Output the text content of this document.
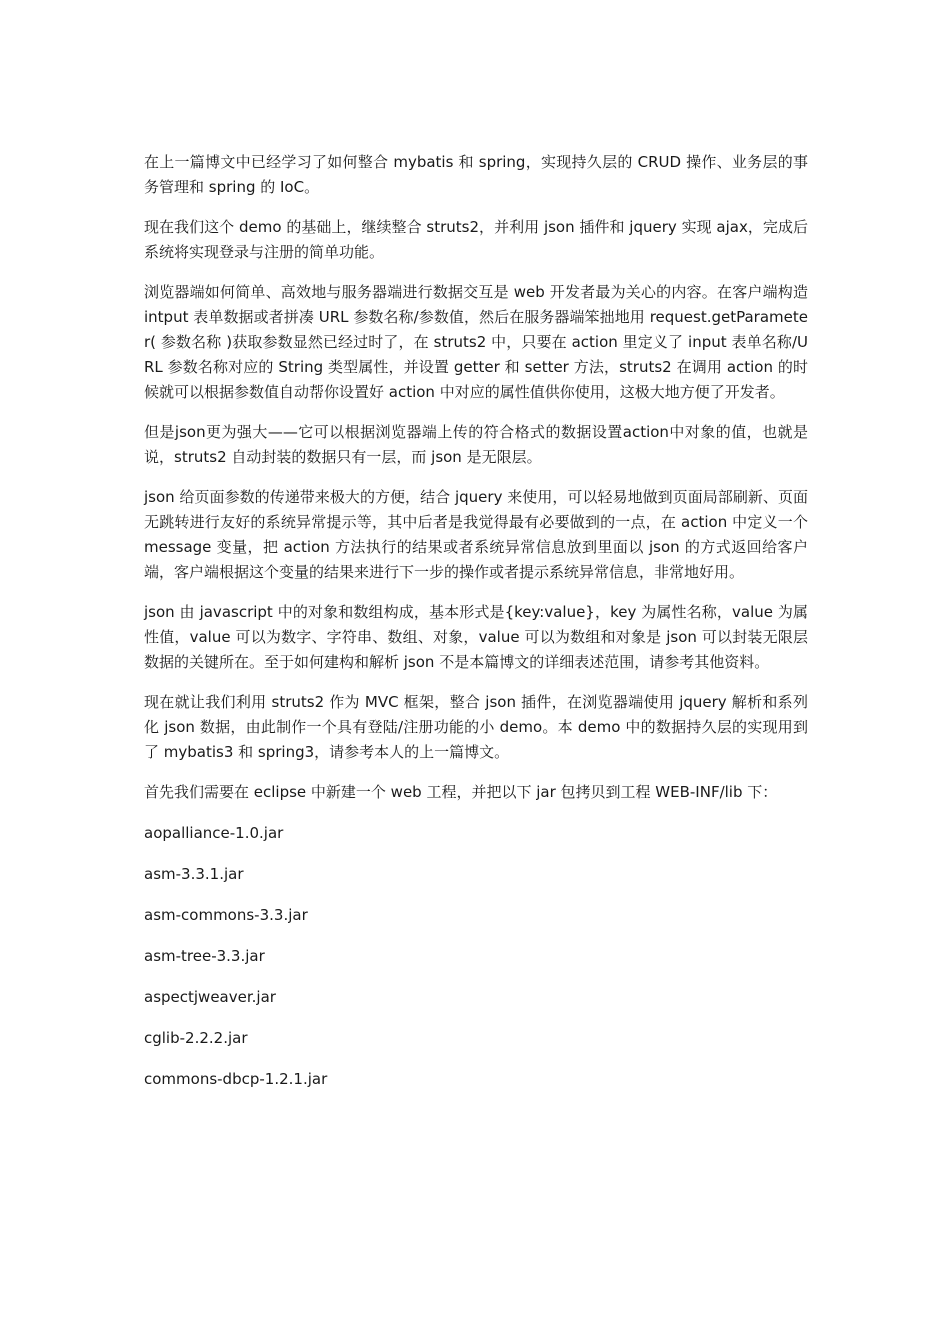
在上一篇博文中已经学习了如何整合 mybatis 和 spring，实现持久层的 CRUD 操作、业务层的事务管理和 spring 的 IoC。

现在我们这个 demo 的基础上，继续整合 struts2，并利用 json 插件和 jquery 实现 ajax，完成后系统将实现登录与注册的简单功能。

浏览器端如何简单、高效地与服务器端进行数据交互是 web 开发者最为关心的内容。在客户端构造 intput 表单数据或者拼凑 URL 参数名称/参数值，然后在服务器端笨拙地用 request.getParameter( 参数名称 )获取参数显然已经过时了，在 struts2 中，只要在 action 里定义了 input 表单名称/URL 参数名称对应的 String 类型属性，并设置 getter 和 setter 方法，struts2 在调用 action 的时候就可以根据参数值自动帮你设置好 action 中对应的属性值供你使用，这极大地方便了开发者。

但是json更为强大——它可以根据浏览器端上传的符合格式的数据设置action中对象的值，也就是说，struts2 自动封装的数据只有一层，而 json 是无限层。

json 给页面参数的传递带来极大的方便，结合 jquery 来使用，可以轻易地做到页面局部刷新、页面无跳转进行友好的系统异常提示等，其中后者是我觉得最有必要做到的一点，在 action 中定义一个 message 变量，把 action 方法执行的结果或者系统异常信息放到里面以 json 的方式返回给客户端，客户端根据这个变量的结果来进行下一步的操作或者提示系统异常信息，非常地好用。

json 由 javascript 中的对象和数组构成，基本形式是{key:value}，key 为属性名称，value 为属性值，value 可以为数字、字符串、数组、对象，value 可以为数组和对象是 json 可以封装无限层数据的关键所在。至于如何建构和解析 json 不是本篇博文的详细表述范围，请参考其他资料。

现在就让我们利用 struts2 作为 MVC 框架，整合 json 插件，在浏览器端使用 jquery 解析和系列化 json 数据，由此制作一个具有登陆/注册功能的小 demo。本 demo 中的数据持久层的实现用到了 mybatis3 和 spring3，请参考本人的上一篇博文。

首先我们需要在 eclipse 中新建一个 web 工程，并把以下 jar 包拷贝到工程 WEB-INF/lib 下：

aopalliance-1.0.jar

asm-3.3.1.jar

asm-commons-3.3.jar

asm-tree-3.3.jar

aspectjweaver.jar

cglib-2.2.2.jar

commons-dbcp-1.2.1.jar
